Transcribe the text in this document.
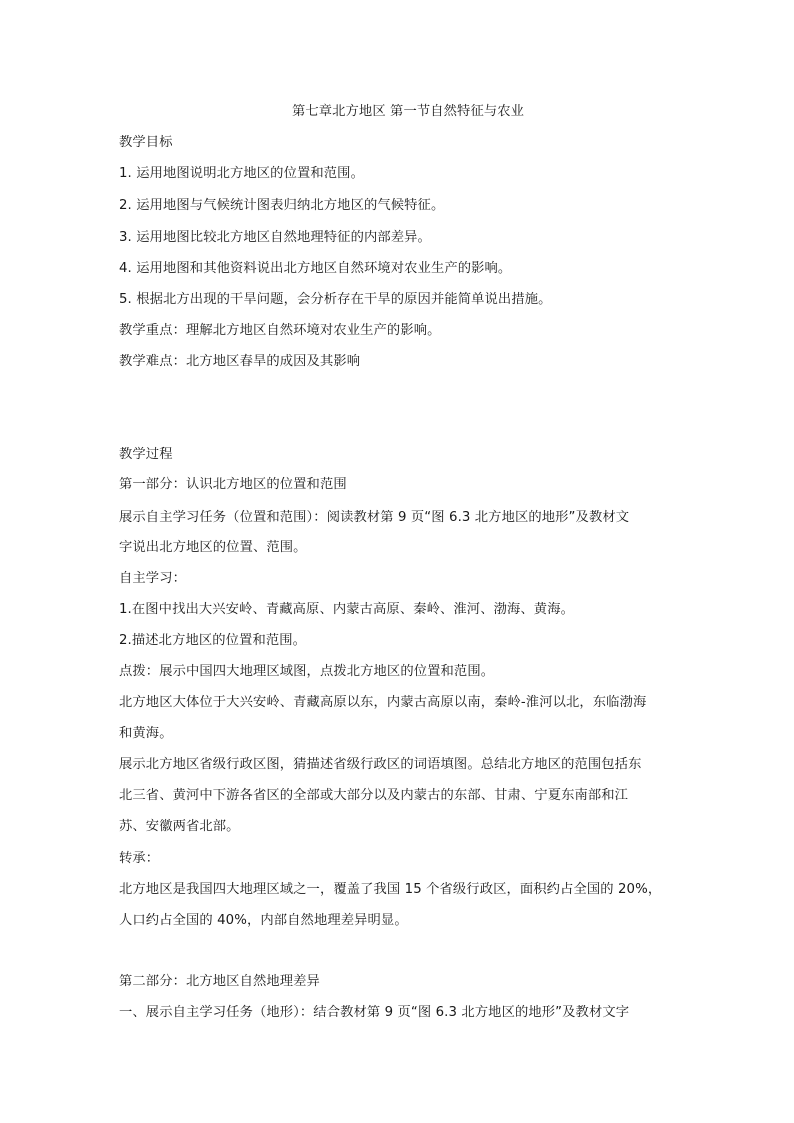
第七章北方地区 第一节自然特征与农业
教学目标
1. 运用地图说明北方地区的位置和范围。
2. 运用地图与气候统计图表归纳北方地区的气候特征。
3. 运用地图比较北方地区自然地理特征的内部差异。
4. 运用地图和其他资料说出北方地区自然环境对农业生产的影响。
5. 根据北方出现的干旱问题，会分析存在干旱的原因并能简单说出措施。
教学重点：理解北方地区自然环境对农业生产的影响。
教学难点：北方地区春旱的成因及其影响
教学过程
第一部分：认识北方地区的位置和范围
展示自主学习任务（位置和范围）：阅读教材第 9 页“图 6.3 北方地区的地形”及教材文
字说出北方地区的位置、范围。
自主学习：
1.在图中找出大兴安岭、青藏高原、内蒙古高原、秦岭、淮河、渤海、黄海。
2.描述北方地区的位置和范围。
点拨：展示中国四大地理区域图，点拨北方地区的位置和范围。
北方地区大体位于大兴安岭、青藏高原以东，内蒙古高原以南，秦岭-淮河以北，东临渤海
和黄海。
展示北方地区省级行政区图，猜描述省级行政区的词语填图。总结北方地区的范围包括东
北三省、黄河中下游各省区的全部或大部分以及内蒙古的东部、甘肃、宁夏东南部和江
苏、安徽两省北部。
转承：
北方地区是我国四大地理区域之一，覆盖了我国 15 个省级行政区，面积约占全国的 20%，
人口约占全国的 40%，内部自然地理差异明显。
第二部分：北方地区自然地理差异
一、展示自主学习任务（地形）：结合教材第 9 页“图 6.3 北方地区的地形”及教材文字
